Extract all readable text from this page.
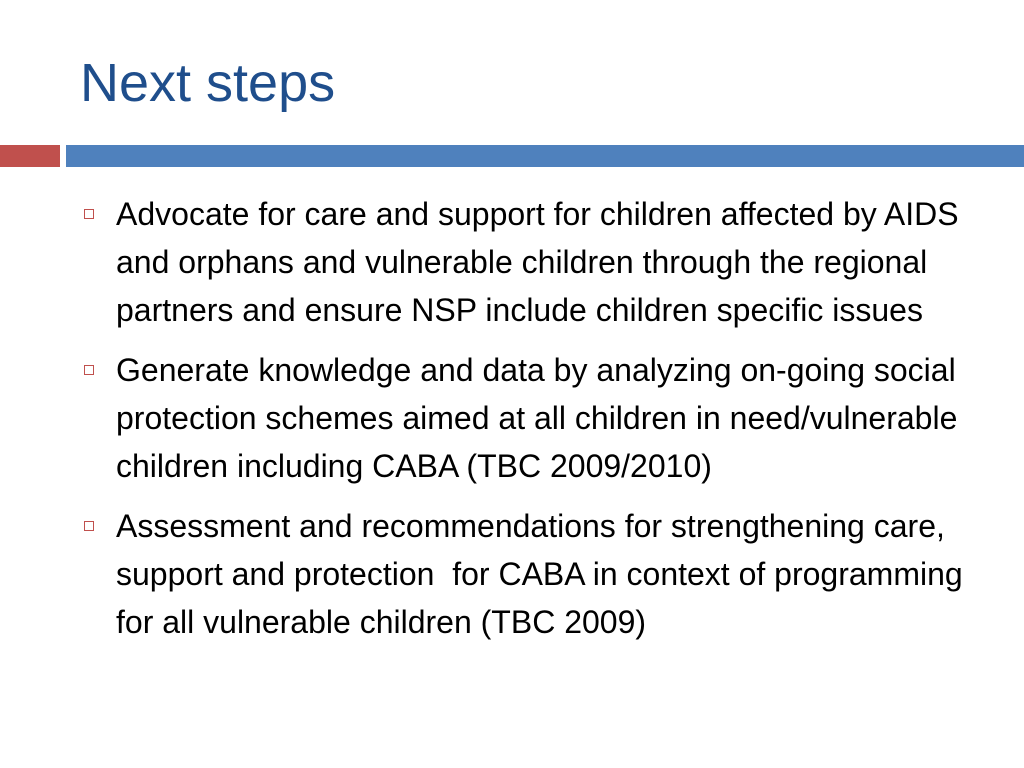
Next steps
Advocate for care and support for children affected by AIDS and orphans and vulnerable children through the regional partners and ensure NSP include children specific issues
Generate knowledge and data by analyzing on-going social protection schemes aimed at all children in need/vulnerable children including CABA (TBC 2009/2010)
Assessment and recommendations for strengthening care, support and protection  for CABA in context of programming for all vulnerable children (TBC 2009)
